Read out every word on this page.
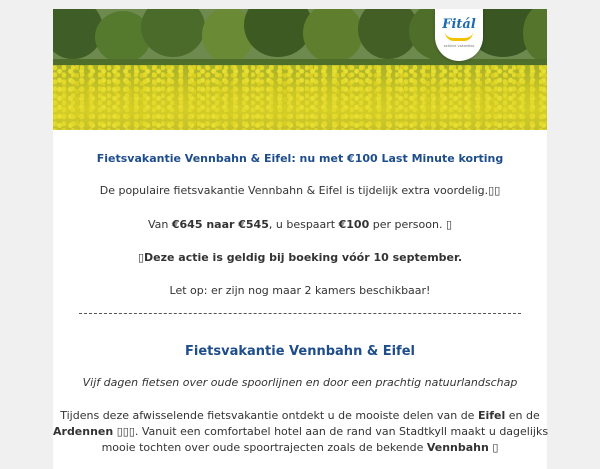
Fitál
actieve vakanties
Fietsvakantie Vennbahn & Eifel: nu met €100 Last Minute korting
De populaire fietsvakantie Vennbahn & Eifel is tijdelijk extra voordelig.▯▯
Van €645 naar €545, u bespaart €100 per persoon. ▯
▯Deze actie is geldig bij boeking vóór 10 september.
Let op: er zijn nog maar 2 kamers beschikbaar!
Fietsvakantie Vennbahn & Eifel
Vijf dagen fietsen over oude spoorlijnen en door een prachtig natuurlandschap
Tijdens deze afwisselende fietsvakantie ontdekt u de mooiste delen van de Eifel en de
Ardennen ▯▯▯. Vanuit een comfortabel hotel aan de rand van Stadtkyll maakt u dagelijks
mooie tochten over oude spoortrajecten zoals de bekende Vennbahn ▯
